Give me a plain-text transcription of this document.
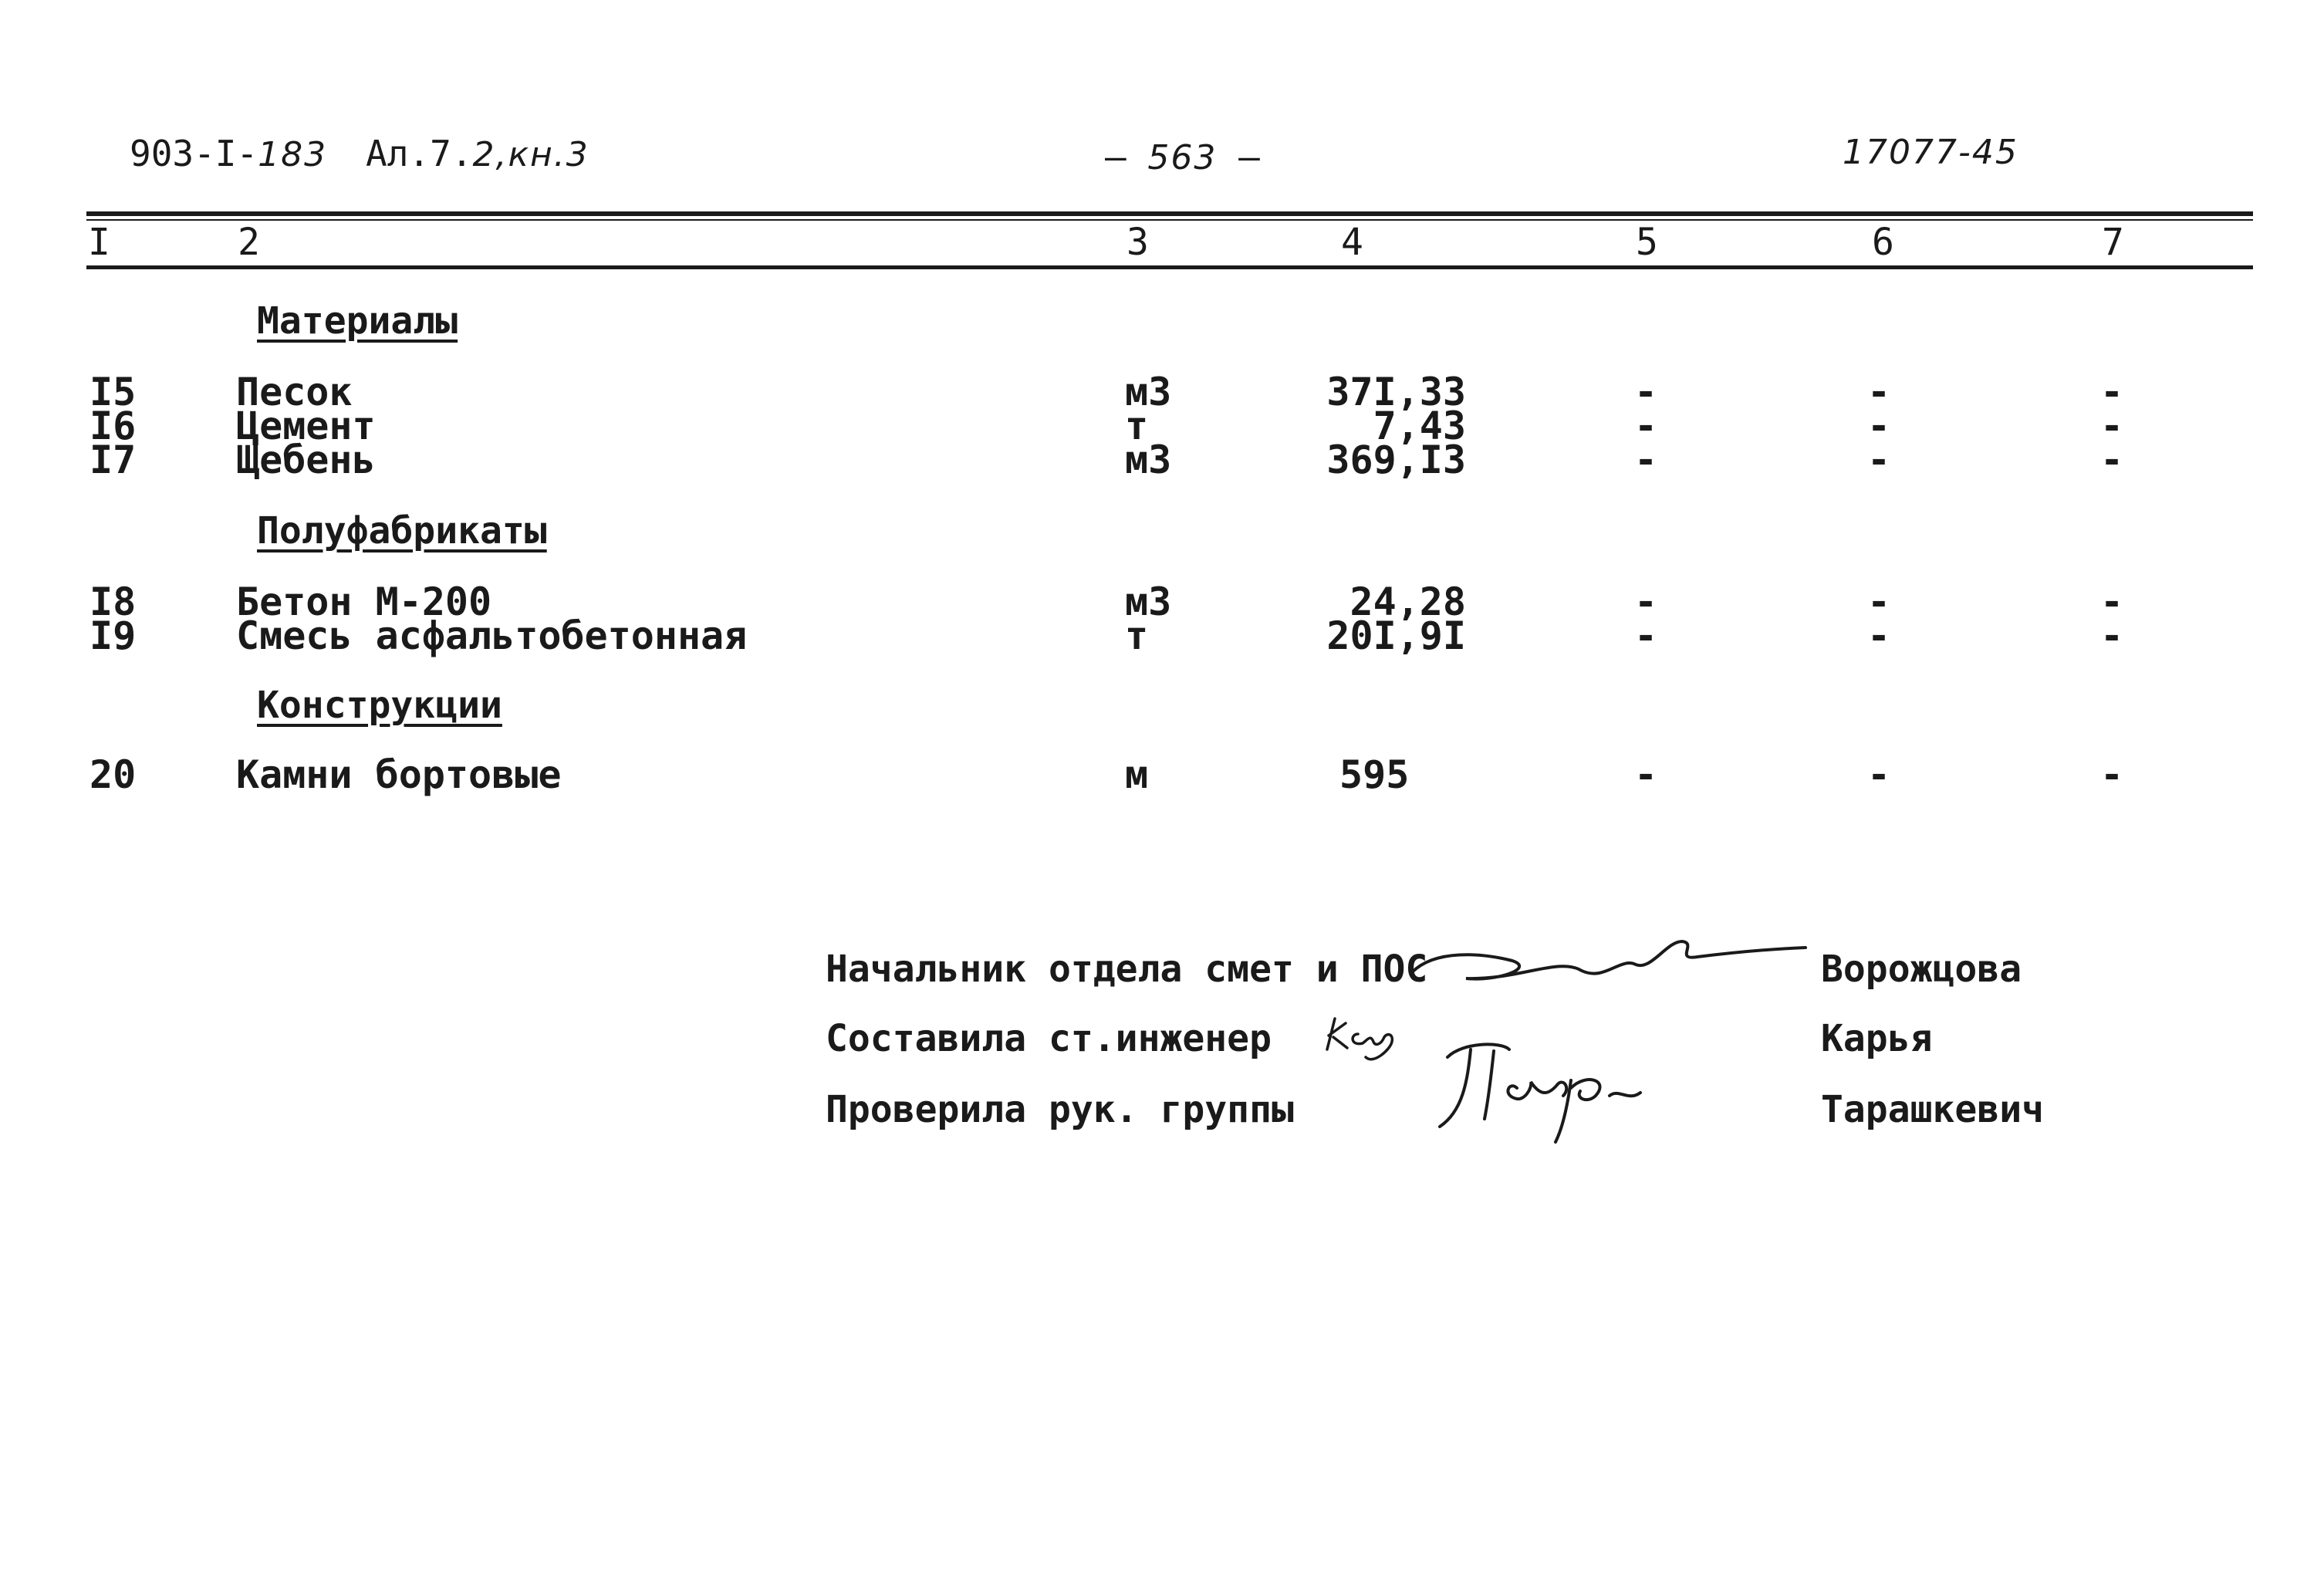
903-I-183 Ал.7.2,кн.3	– 563 –	17077-45
I	2	3	4	5	6	7
Материалы
I5	Песок	м3	37I,33	-	-	-
I6	Цемент	т	7,43	-	-	-
I7	Щебень	м3	369,I3	-	-	-
Полуфабрикаты
I8	Бетон М-200	м3	24,28	-	-	-
I9	Смесь асфальтобетонная	т	20I,9I	-	-	-
Конструкции
20	Камни бортовые	м	595	-	-	-
Начальник отдела смет и ПОС	Ворожцова
Составила ст.инженер	Карья
Проверила рук. группы	Тарашкевич
